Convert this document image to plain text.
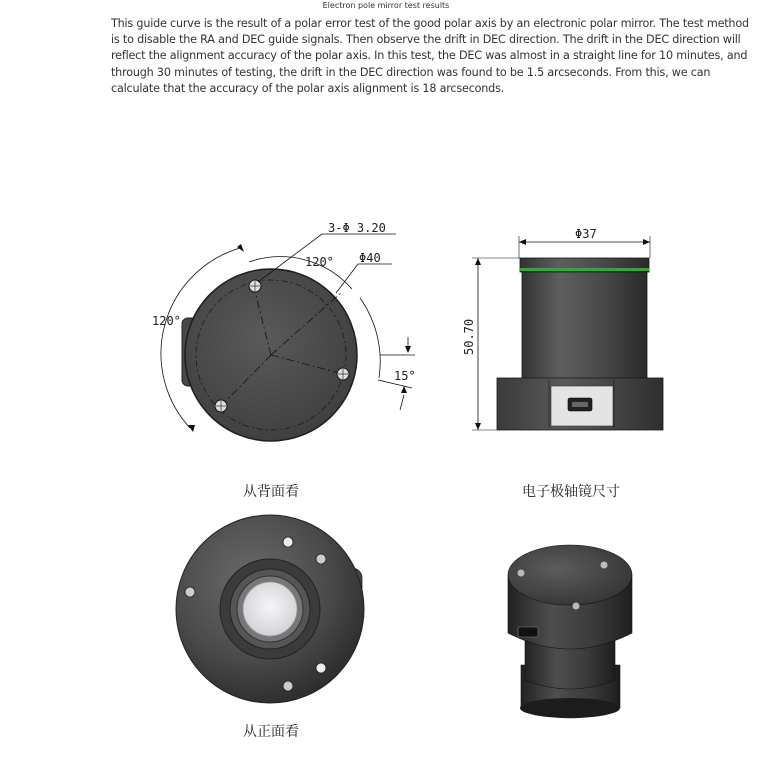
Electron pole mirror test results
This guide curve is the result of a polar error test of the good polar axis by an electronic polar mirror. The test method is to disable the RA and DEC guide signals. Then observe the drift in DEC direction. The drift in the DEC direction will reflect the alignment accuracy of the polar axis. In this test, the DEC was almost in a straight line for 10 minutes, and through 30 minutes of testing, the drift in the DEC direction was found to be 1.5 arcseconds. From this, we can calculate that the accuracy of the polar axis alignment is 18 arcseconds.
3-Φ 3.20
Φ40
120°
120°
15°
从背面看
Φ37
50.70
电子极轴镜尺寸
从正面看
